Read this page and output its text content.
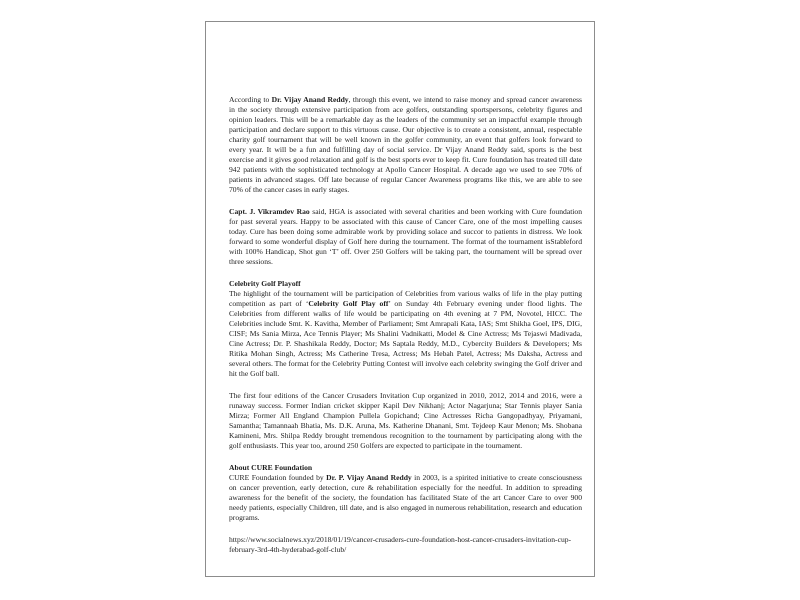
According to Dr. Vijay Anand Reddy, through this event, we intend to raise money and spread cancer awareness in the society through extensive participation from ace golfers, outstanding sportspersons, celebrity figures and opinion leaders. This will be a remarkable day as the leaders of the community set an impactful example through participation and declare support to this virtuous cause. Our objective is to create a consistent, annual, respectable charity golf tournament that will be well known in the golfer community, an event that golfers look forward to every year. It will be a fun and fulfilling day of social service. Dr Vijay Anand Reddy said, sports is the best exercise and it gives good relaxation and golf is the best sports ever to keep fit. Cure foundation has treated till date 942 patients with the sophisticated technology at Apollo Cancer Hospital. A decade ago we used to see 70% of patients in advanced stages. Off late because of regular Cancer Awareness programs like this, we are able to see 70% of the cancer cases in early stages.

Capt. J. Vikramdev Rao said, HGA is associated with several charities and been working with Cure foundation for past several years. Happy to be associated with this cause of Cancer Care, one of the most impelling causes today. Cure has been doing some admirable work by providing solace and succor to patients in distress. We look forward to some wonderful display of Golf here during the tournament. The format of the tournament isStableford with 100% Handicap, Shot gun ‘T’ off. Over 250 Golfers will be taking part, the tournament will be spread over three sessions.

Celebrity Golf Playoff

The highlight of the tournament will be participation of Celebrities from various walks of life in the play putting competition as part of ‘Celebrity Golf Play off’ on Sunday 4th February evening under flood lights. The Celebrities from different walks of life would be participating on 4th evening at 7 PM, Novotel, HICC. The Celebrities include Smt. K. Kavitha, Member of Parliament; Smt Amrapali Kata, IAS; Smt Shikha Goel, IPS, DIG, CISF; Ms Sania Mirza, Ace Tennis Player; Ms Shalini Vadnikatti, Model & Cine Actress; Ms Tejaswi Madivada, Cine Actress; Dr. P. Shashikala Reddy, Doctor; Ms Saptala Reddy, M.D., Cybercity Builders & Developers; Ms Ritika Mohan Singh, Actress; Ms Catherine Tresa, Actress; Ms Hebah Patel, Actress; Ms Daksha, Actress and several others. The format for the Celebrity Putting Contest will involve each celebrity swinging the Golf driver and hit the Golf ball.

The first four editions of the Cancer Crusaders Invitation Cup organized in 2010, 2012, 2014 and 2016, were a runaway success. Former Indian cricket skipper Kapil Dev Nikhanj; Actor Nagarjuna; Star Tennis player Sania Mirza; Former All England Champion Pullela Gopichand; Cine Actresses Richa Gangopadhyay, Priyamani, Samantha; Tamannaah Bhatia, Ms. D.K. Aruna, Ms. Katherine Dhanani, Smt. Tejdeep Kaur Menon; Ms. Shobana Kamineni, Mrs. Shilpa Reddy brought tremendous recognition to the tournament by participating along with the golf enthusiasts. This year too, around 250 Golfers are expected to participate in the tournament.

About CURE Foundation

CURE Foundation founded by Dr. P. Vijay Anand Reddy in 2003, is a spirited initiative to create consciousness on cancer prevention, early detection, cure & rehabilitation especially for the needful. In addition to spreading awareness for the benefit of the society, the foundation has facilitated State of the art Cancer Care to over 900 needy patients, especially Children, till date, and is also engaged in numerous rehabilitation, research and education programs.

https://www.socialnews.xyz/2018/01/19/cancer-crusaders-cure-foundation-host-cancer-crusaders-invitation-cup-february-3rd-4th-hyderabad-golf-club/
